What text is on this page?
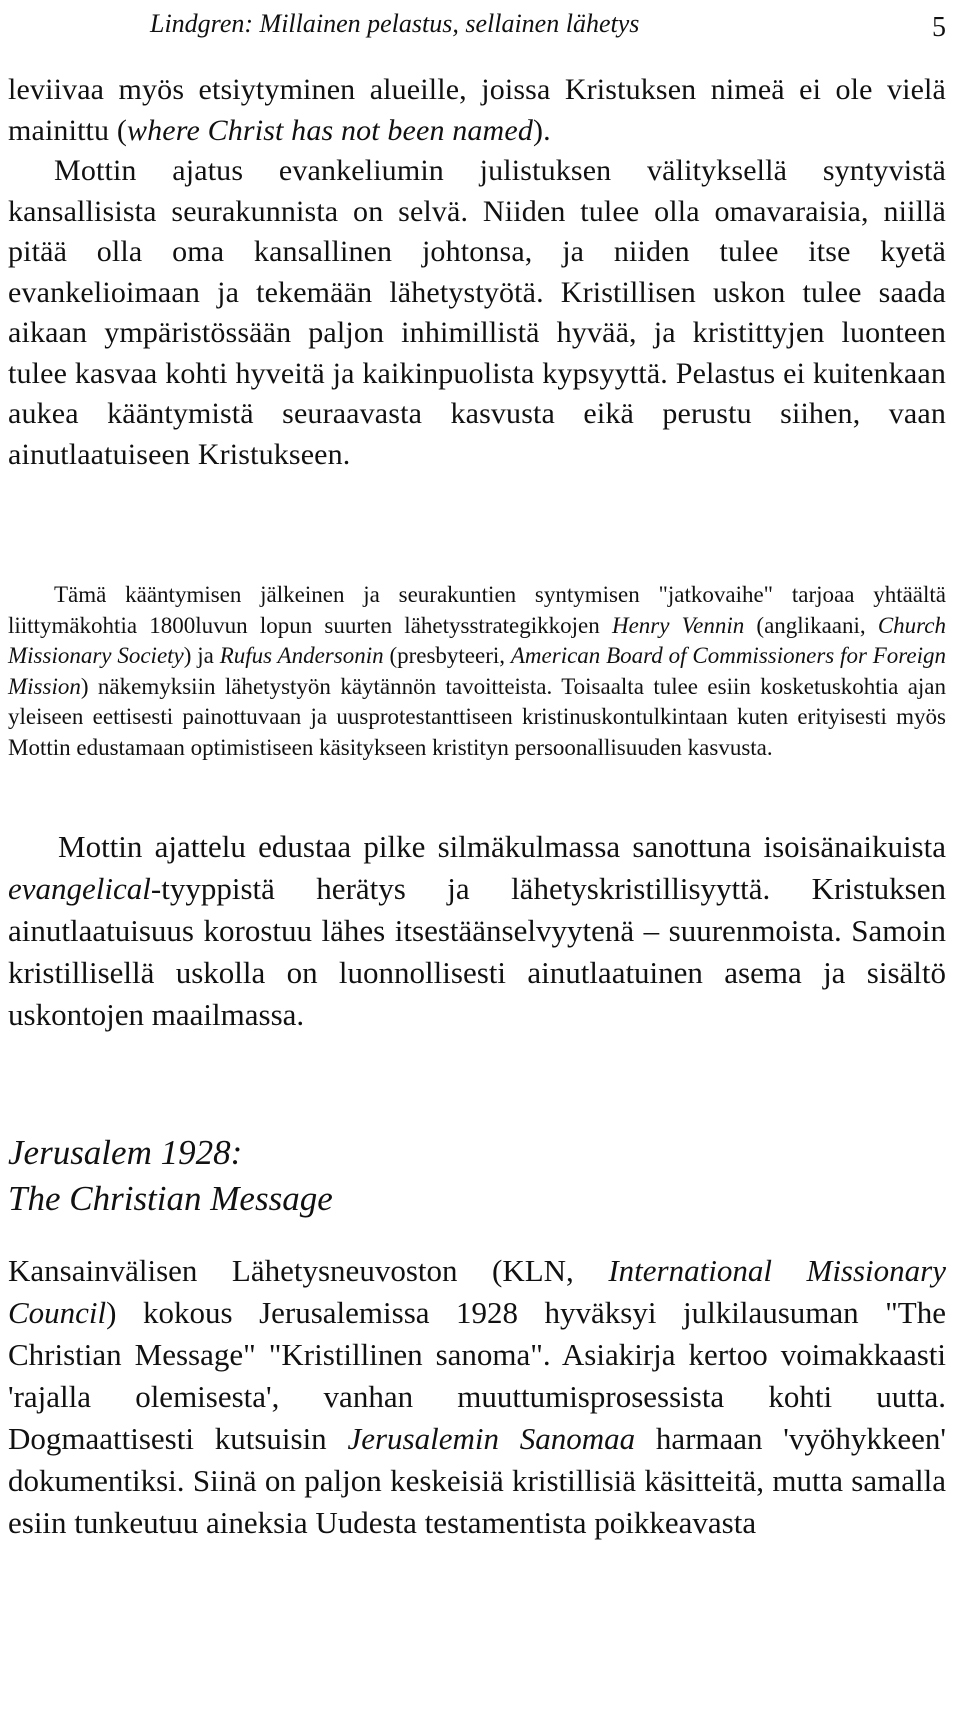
Lindgren: Millainen pelastus, sellainen lähetys	5

leviivaa myös etsiytyminen alueille, joissa Kristuksen nimeä ei ole vielä mainittu (where Christ has not been named).

Mottin ajatus evankeliumin julistuksen välityksellä syntyvistä kansallisista seurakunnista on selvä. Niiden tulee olla omavaraisia, niillä pitää olla oma kansallinen johtonsa, ja niiden tulee itse kyetä evankelioimaan ja tekemään lähetystyötä. Kristillisen uskon tulee saada aikaan ympäristössään paljon inhimillistä hyvää, ja kristittyjen luonteen tulee kasvaa kohti hyveitä ja kaikinpuolista kypsyyttä. Pelastus ei kuitenkaan aukea kääntymistä seuraavasta kasvusta eikä perustu siihen, vaan ainutlaatuiseen Kristukseen.

Tämä kääntymisen jälkeinen ja seurakuntien syntymisen "jatkovaihe" tarjoaa yhtäältä liittymäkohtia 1800luvun lopun suurten lähetysstrategikkojen Henry Vennin (anglikaani, Church Missionary Society) ja Rufus Andersonin (presbyteeri, American Board of Commissioners for Foreign Mission) näkemyksiin lähetystyön käytännön tavoitteista. Toisaalta tulee esiin kosketuskohtia ajan yleiseen eettisesti painottuvaan ja uusprotestanttiseen kristinuskontulkintaan kuten erityisesti myös Mottin edustamaan optimistiseen käsitykseen kristityn persoonallisuuden kasvusta.

Mottin ajattelu edustaa pilke silmäkulmassa sanottuna isoisänaikuista evangelical-tyyppistä herätys ja lähetyskristillisyyttä. Kristuksen ainutlaatuisuus korostuu lähes itsestäänselvyytenä – suurenmoista. Samoin kristillisellä uskolla on luonnollisesti ainutlaatuinen asema ja sisältö uskontojen maailmassa.

Jerusalem 1928:
The Christian Message

Kansainvälisen Lähetysneuvoston (KLN, International Missionary Council) kokous Jerusalemissa 1928 hyväksyi julkilausuman "The Christian Message" "Kristillinen sanoma". Asiakirja kertoo voimakkaasti 'rajalla olemisesta', vanhan muuttumisprosessista kohti uutta. Dogmaattisesti kutsuisin Jerusalemin Sanomaa harmaan 'vyöhykkeen' dokumentiksi. Siinä on paljon keskeisiä kristillisiä käsitteitä, mutta samalla esiin tunkeutuu aineksia Uudesta testamentista poikkeavasta
